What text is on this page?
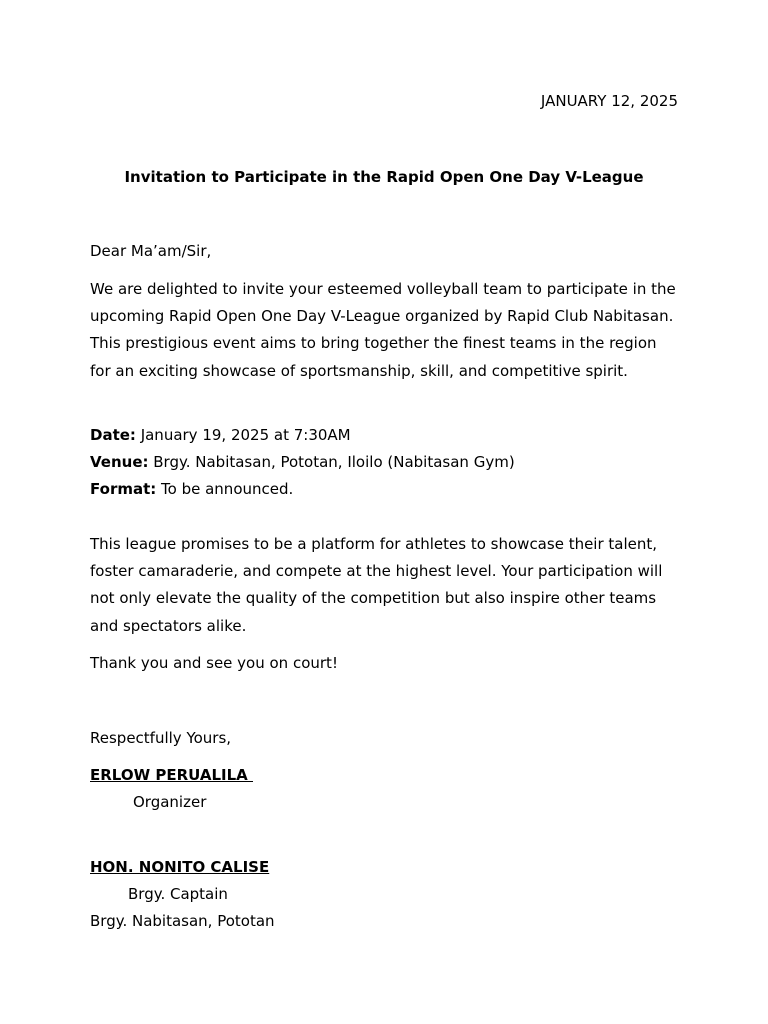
JANUARY 12, 2025
Invitation to Participate in the Rapid Open One Day V-League
Dear Ma’am/Sir,
We are delighted to invite your esteemed volleyball team to participate in the upcoming Rapid Open One Day V-League organized by Rapid Club Nabitasan. This prestigious event aims to bring together the finest teams in the region for an exciting showcase of sportsmanship, skill, and competitive spirit.
Date: January 19, 2025 at 7:30AM
Venue: Brgy. Nabitasan, Pototan, Iloilo (Nabitasan Gym)
Format: To be announced.
This league promises to be a platform for athletes to showcase their talent, foster camaraderie, and compete at the highest level. Your participation will not only elevate the quality of the competition but also inspire other teams and spectators alike.
Thank you and see you on court!
Respectfully Yours,
ERLOW PERUALILA
Organizer
HON. NONITO CALISE
Brgy. Captain
Brgy. Nabitasan, Pototan
